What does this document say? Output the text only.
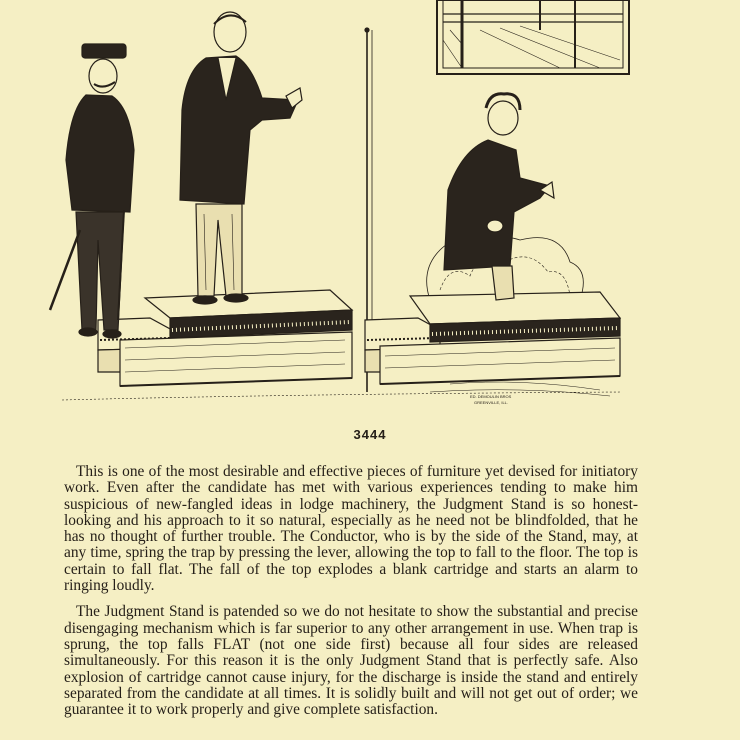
ED. DEMOULIN BROS
GREENVILLE, ILL.
3444

This is one of the most desirable and effective pieces of furniture yet devised for initiatory work. Even after the candidate has met with various experiences tending to make him suspicious of new-fangled ideas in lodge machinery, the Judgment Stand is so honest-looking and his approach to it so natural, especially as he need not be blindfolded, that he has no thought of further trouble. The Conductor, who is by the side of the Stand, may, at any time, spring the trap by pressing the lever, allowing the top to fall to the floor. The top is certain to fall flat. The fall of the top explodes a blank cartridge and starts an alarm to ringing loudly.

The Judgment Stand is patended so we do not hesitate to show the substantial and precise disengaging mechanism which is far superior to any other arrangement in use. When trap is sprung, the top falls FLAT (not one side first) because all four sides are released simultaneously. For this reason it is the only Judgment Stand that is perfectly safe. Also explosion of cartridge cannot cause injury, for the discharge is inside the stand and entirely separated from the candidate at all times. It is solidly built and will not get out of order; we guarantee it to work properly and give complete satisfaction.
